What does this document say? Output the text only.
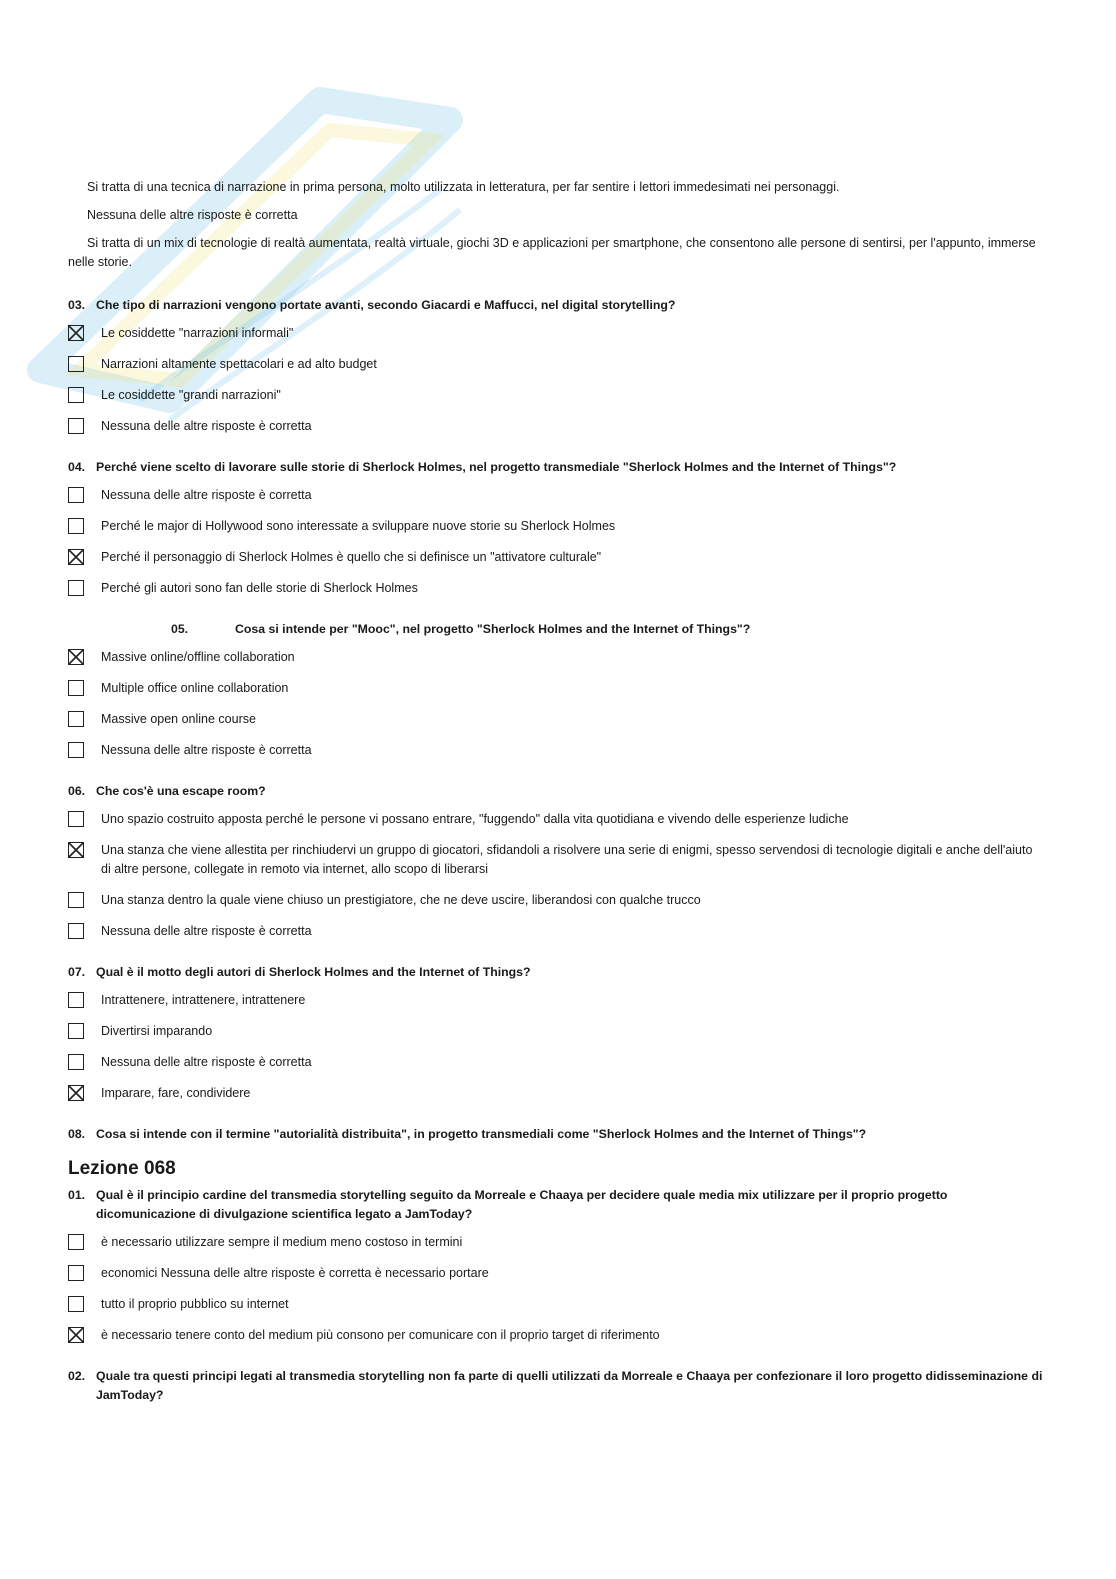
Si tratta di una tecnica di narrazione in prima persona, molto utilizzata in letteratura, per far sentire i lettori immedesimati nei personaggi.

Nessuna delle altre risposte è corretta

Si tratta di un mix di tecnologie di realtà aumentata, realtà virtuale, giochi 3D e applicazioni per smartphone, che consentono alle persone di sentirsi, per l'appunto, immerse nelle storie.

03. Che tipo di narrazioni vengono portate avanti, secondo Giacardi e Maffucci, nel digital storytelling?

Le cosiddette "narrazioni informali"
Narrazioni altamente spettacolari e ad alto budget
Le cosiddette "grandi narrazioni"
Nessuna delle altre risposte è corretta

04. Perché viene scelto di lavorare sulle storie di Sherlock Holmes, nel progetto transmediale "Sherlock Holmes and the Internet of Things"?

Nessuna delle altre risposte è corretta
Perché le major di Hollywood sono interessate a sviluppare nuove storie su Sherlock Holmes
Perché il personaggio di Sherlock Holmes è quello che si definisce un "attivatore culturale"
Perché gli autori sono fan delle storie di Sherlock Holmes

05.	Cosa si intende per "Mooc", nel progetto "Sherlock Holmes and the Internet of Things"?

Massive online/offline collaboration
Multiple office online collaboration
Massive open online course
Nessuna delle altre risposte è corretta

06. Che cos'è una escape room?

Uno spazio costruito apposta perché le persone vi possano entrare, "fuggendo" dalla vita quotidiana e vivendo delle esperienze ludiche
Una stanza che viene allestita per rinchiudervi un gruppo di giocatori, sfidandoli a risolvere una serie di enigmi, spesso servendosi di tecnologie digitali e anche dell'aiuto di altre persone, collegate in remoto via internet, allo scopo di liberarsi
Una stanza dentro la quale viene chiuso un prestigiatore, che ne deve uscire, liberandosi con qualche trucco
Nessuna delle altre risposte è corretta

07. Qual è il motto degli autori di Sherlock Holmes and the Internet of Things?

Intrattenere, intrattenere, intrattenere
Divertirsi imparando
Nessuna delle altre risposte è corretta
Imparare, fare, condividere

08. Cosa si intende con il termine "autorialità distribuita", in progetto transmediali come "Sherlock Holmes and the Internet of Things"?

Lezione 068

01. Qual è il principio cardine del transmedia storytelling seguito da Morreale e Chaaya per decidere quale media mix utilizzare per il proprio progetto dicomunicazione di divulgazione scientifica legato a JamToday?

è necessario utilizzare sempre il medium meno costoso in termini
economici Nessuna delle altre risposte è corretta è necessario portare
tutto il proprio pubblico su internet
è necessario tenere conto del medium più consono per comunicare con il proprio target di riferimento

02. Quale tra questi principi legati al transmedia storytelling non fa parte di quelli utilizzati da Morreale e Chaaya per confezionare il loro progetto didisseminazione di JamToday?
